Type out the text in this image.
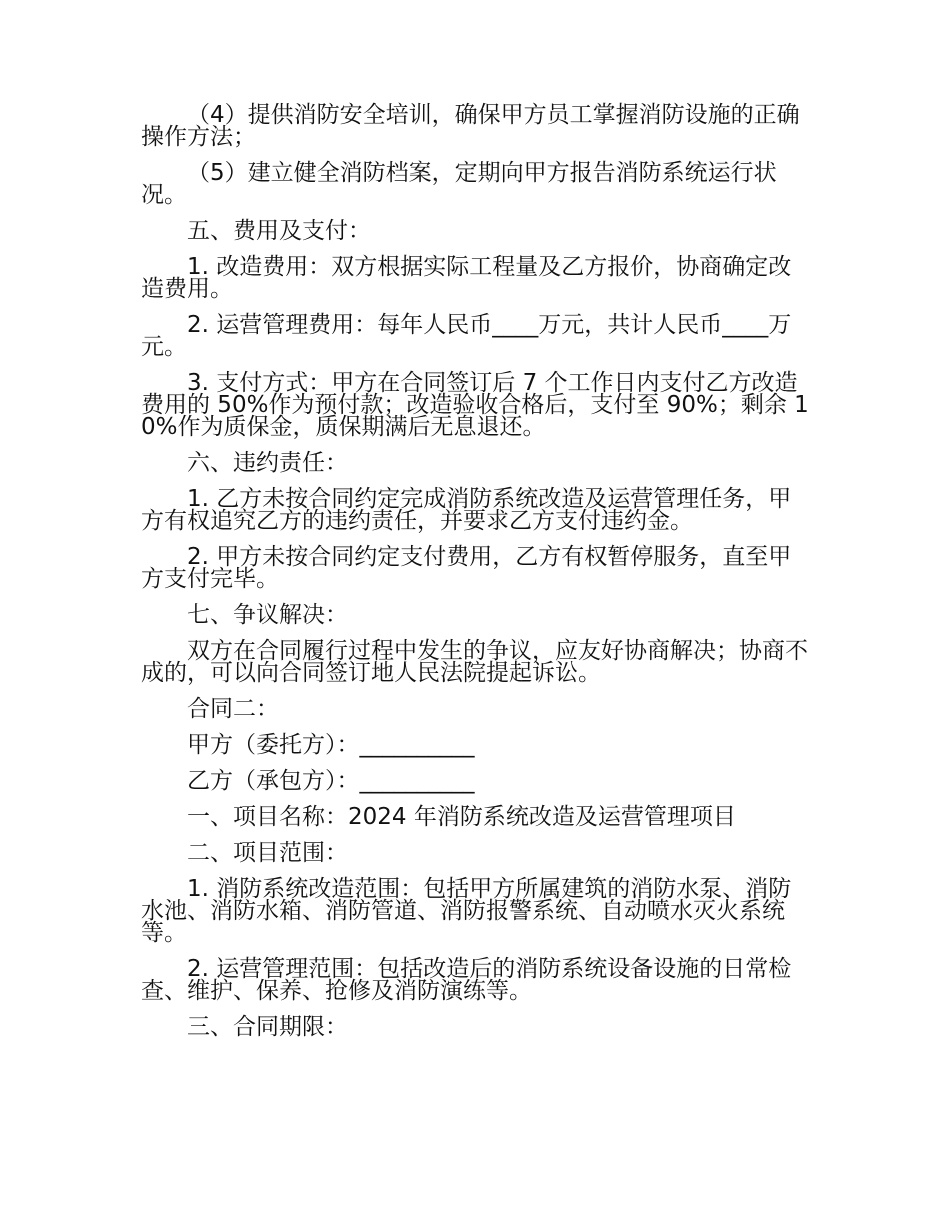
（4）提供消防安全培训，确保甲方员工掌握消防设施的正确操作方法；

（5）建立健全消防档案，定期向甲方报告消防系统运行状况。

五、费用及支付：

1. 改造费用：双方根据实际工程量及乙方报价，协商确定改造费用。

2. 运营管理费用：每年人民币____万元，共计人民币____万元。

3. 支付方式：甲方在合同签订后 7 个工作日内支付乙方改造费用的 50%作为预付款；改造验收合格后，支付至 90%；剩余 10%作为质保金，质保期满后无息退还。

六、违约责任：

1. 乙方未按合同约定完成消防系统改造及运营管理任务，甲方有权追究乙方的违约责任，并要求乙方支付违约金。

2. 甲方未按合同约定支付费用，乙方有权暂停服务，直至甲方支付完毕。

七、争议解决：

双方在合同履行过程中发生的争议，应友好协商解决；协商不成的，可以向合同签订地人民法院提起诉讼。

合同二：

甲方（委托方）：__________

乙方（承包方）：__________

一、项目名称：2024 年消防系统改造及运营管理项目

二、项目范围：

1. 消防系统改造范围：包括甲方所属建筑的消防水泵、消防水池、消防水箱、消防管道、消防报警系统、自动喷水灭火系统等。

2. 运营管理范围：包括改造后的消防系统设备设施的日常检查、维护、保养、抢修及消防演练等。

三、合同期限：
